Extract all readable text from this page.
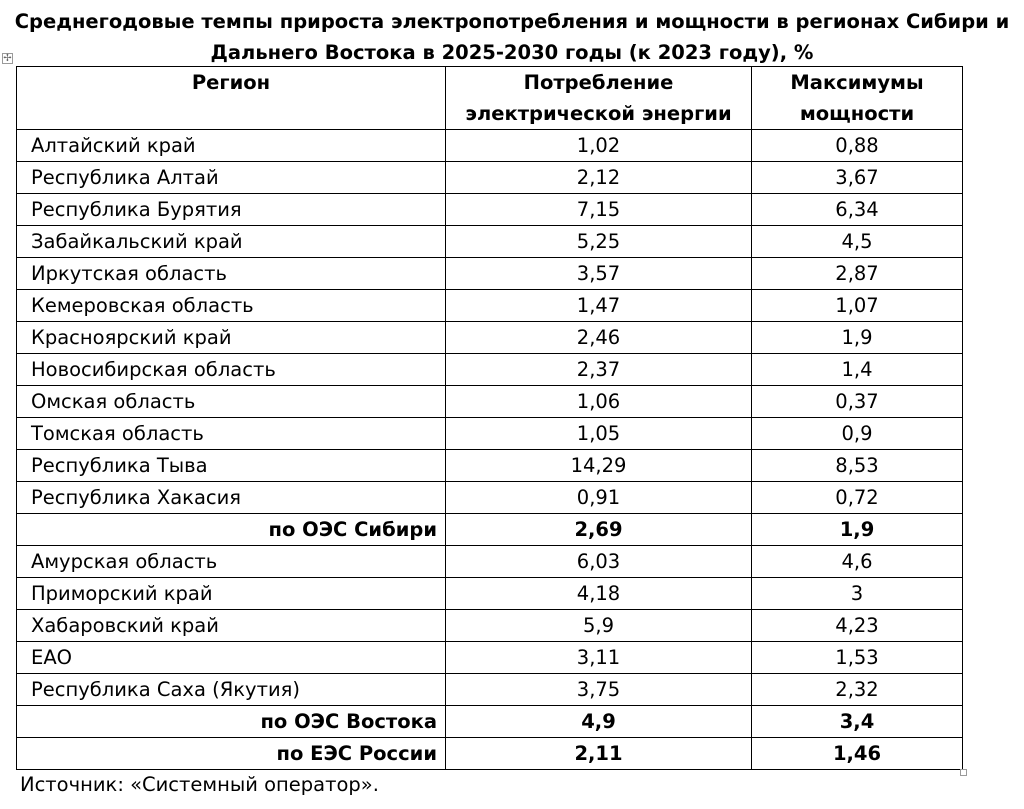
Среднегодовые темпы прироста электропотребления и мощности в регионах Сибири и Дальнего Востока в 2025-2030 годы (к 2023 году), %
✢
Регион	Потребление электрической энергии	Максимумы мощности

Алтайский край	1,02	0,88
Республика Алтай	2,12	3,67
Республика Бурятия	7,15	6,34
Забайкальский край	5,25	4,5
Иркутская область	3,57	2,87
Кемеровская область	1,47	1,07
Красноярский край	2,46	1,9
Новосибирская область	2,37	1,4
Омская область	1,06	0,37
Томская область	1,05	0,9
Республика Тыва	14,29	8,53
Республика Хакасия	0,91	0,72
по ОЭС Сибири	2,69	1,9
Амурская область	6,03	4,6
Приморский край	4,18	3
Хабаровский край	5,9	4,23
ЕАО	3,11	1,53
Республика Саха (Якутия)	3,75	2,32
по ОЭС Востока	4,9	3,4
по ЕЭС России	2,11	1,46
Источник: «Системный оператор».
